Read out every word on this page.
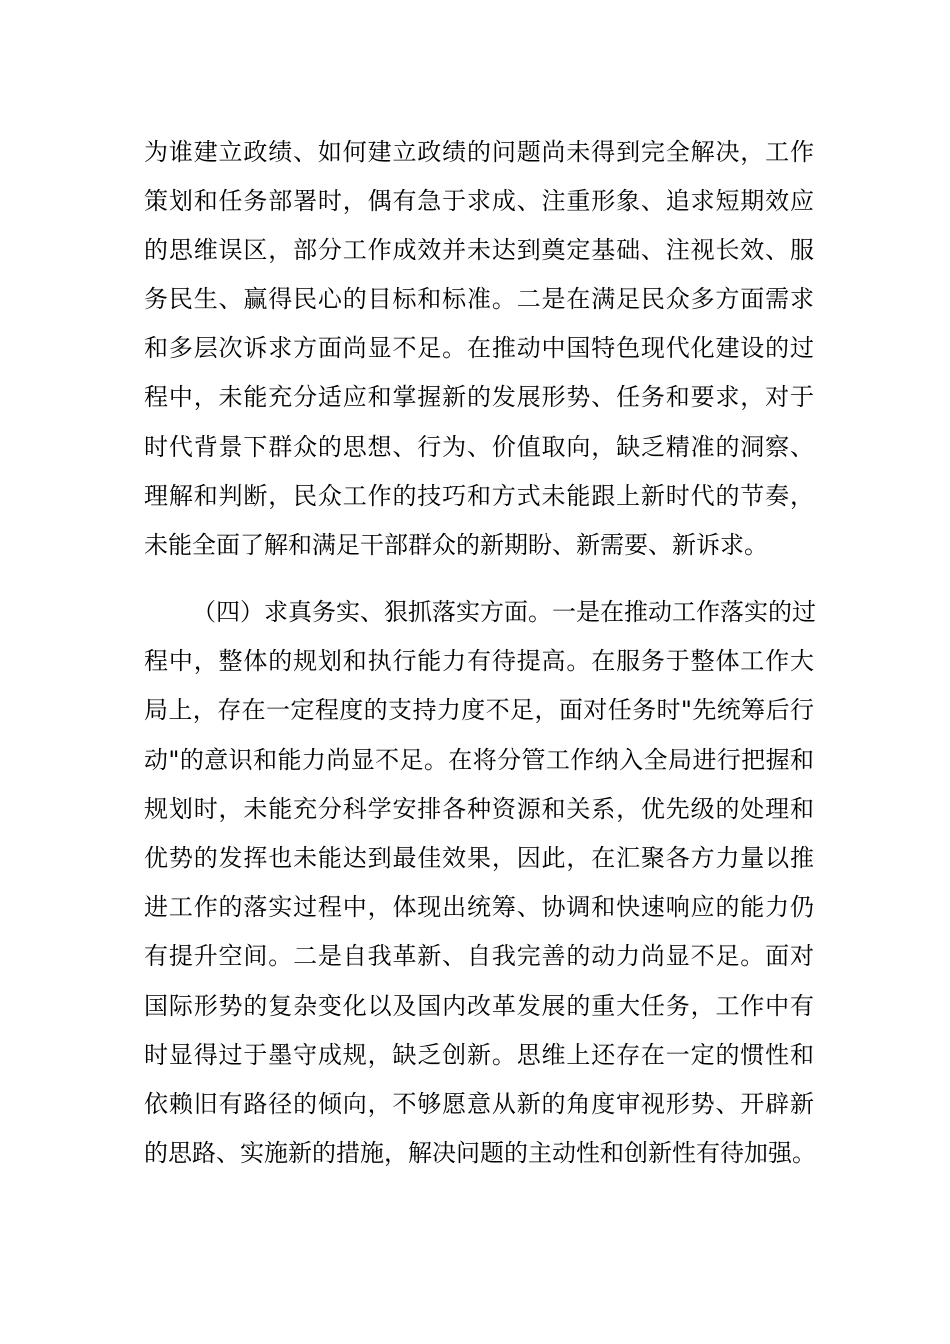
为谁建立政绩、如何建立政绩的问题尚未得到完全解决，工作
策划和任务部署时，偶有急于求成、注重形象、追求短期效应
的思维误区，部分工作成效并未达到奠定基础、注视长效、服
务民生、赢得民心的目标和标准。二是在满足民众多方面需求
和多层次诉求方面尚显不足。在推动中国特色现代化建设的过
程中，未能充分适应和掌握新的发展形势、任务和要求，对于
时代背景下群众的思想、行为、价值取向，缺乏精准的洞察、
理解和判断，民众工作的技巧和方式未能跟上新时代的节奏，
未能全面了解和满足干部群众的新期盼、新需要、新诉求。
（四）求真务实、狠抓落实方面。一是在推动工作落实的过
程中，整体的规划和执行能力有待提高。在服务于整体工作大
局上，存在一定程度的支持力度不足，面对任务时"先统筹后行
动"的意识和能力尚显不足。在将分管工作纳入全局进行把握和
规划时，未能充分科学安排各种资源和关系，优先级的处理和
优势的发挥也未能达到最佳效果，因此，在汇聚各方力量以推
进工作的落实过程中，体现出统筹、协调和快速响应的能力仍
有提升空间。二是自我革新、自我完善的动力尚显不足。面对
国际形势的复杂变化以及国内改革发展的重大任务，工作中有
时显得过于墨守成规，缺乏创新。思维上还存在一定的惯性和
依赖旧有路径的倾向，不够愿意从新的角度审视形势、开辟新
的思路、实施新的措施，解决问题的主动性和创新性有待加强。
